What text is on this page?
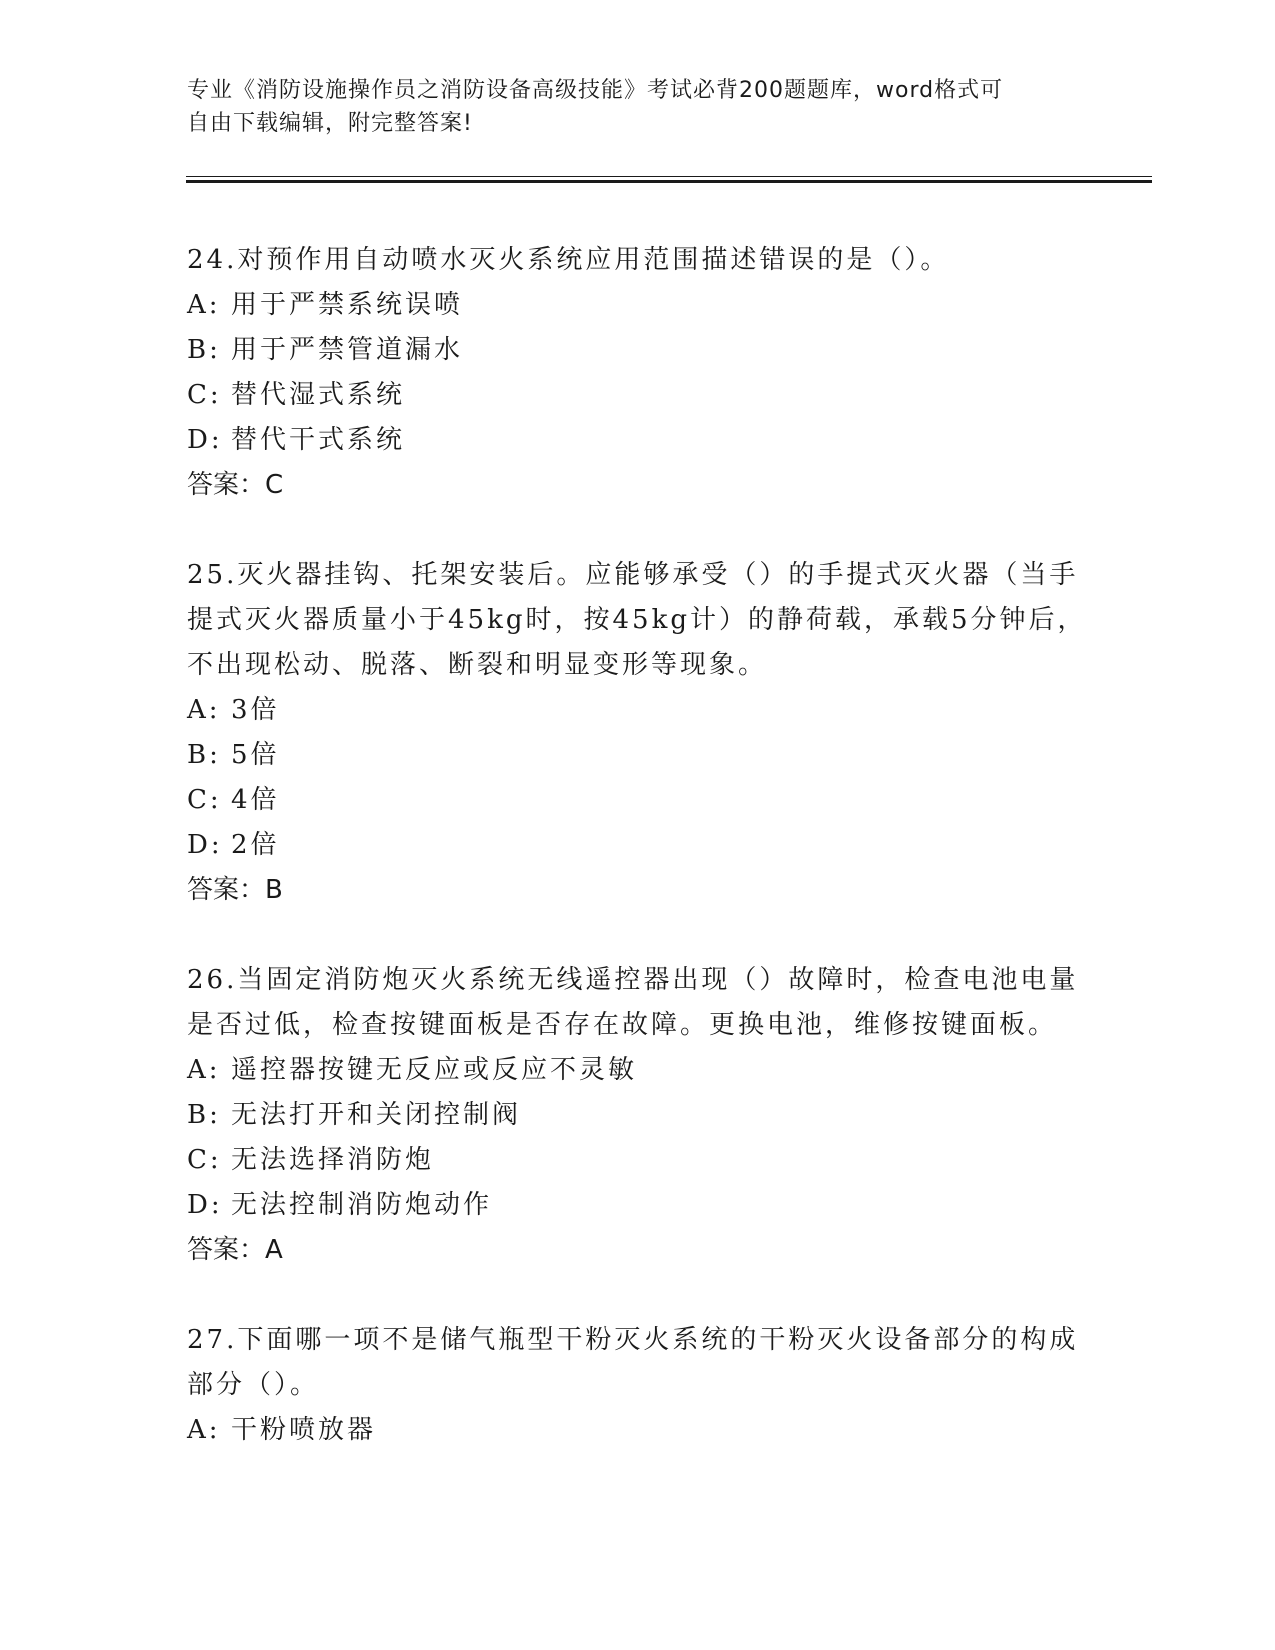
专业《消防设施操作员之消防设备高级技能》考试必背200题题库，word格式可
自由下载编辑，附完整答案!

24.对预作用自动喷水灭火系统应用范围描述错误的是（）。

A: 用于严禁系统误喷

B: 用于严禁管道漏水

C: 替代湿式系统

D: 替代干式系统

答案：C

25.灭火器挂钩、托架安装后。应能够承受（）的手提式灭火器（当手提式灭火器质量小于45kg时，按45kg计）的静荷载，承载5分钟后，不出现松动、脱落、断裂和明显变形等现象。

A: 3倍

B: 5倍

C: 4倍

D: 2倍

答案：B

26.当固定消防炮灭火系统无线遥控器出现（）故障时，检查电池电量是否过低，检查按键面板是否存在故障。更换电池，维修按键面板。

A: 遥控器按键无反应或反应不灵敏

B: 无法打开和关闭控制阀

C: 无法选择消防炮

D: 无法控制消防炮动作

答案：A

27.下面哪一项不是储气瓶型干粉灭火系统的干粉灭火设备部分的构成部分（）。

A: 干粉喷放器
